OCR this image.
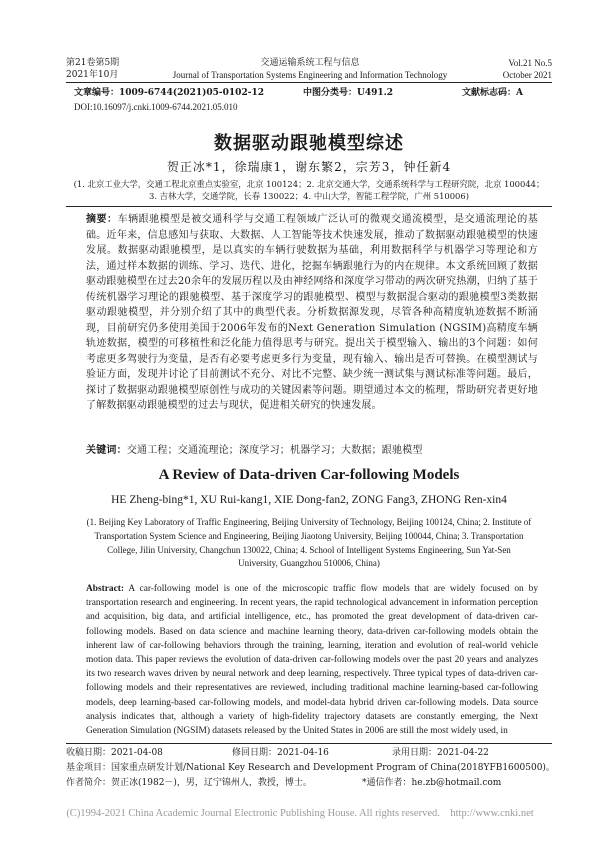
第21卷第5期
2021年10月
交通运输系统工程与信息
Journal of Transportation Systems Engineering and Information Technology
Vol.21 No.5
October 2021
文章编号：1009-6744(2021)05-0102-12	中图分类号：U491.2	文献标志码：A
DOI:10.16097/j.cnki.1009-6744.2021.05.010
数据驱动跟驰模型综述
贺正冰*1，徐瑞康1，谢东繁2，宗芳3，钟任新4
(1. 北京工业大学，交通工程北京重点实验室，北京 100124；2. 北京交通大学，交通系统科学与工程研究院，北京 100044；
3. 吉林大学，交通学院，长春 130022；4. 中山大学，智能工程学院，广州 510006)
摘要：车辆跟驰模型是被交通科学与交通工程领域广泛认可的微观交通流模型，是交通流理论的基础。近年来，信息感知与获取、大数据、人工智能等技术快速发展，推动了数据驱动跟驰模型的快速发展。数据驱动跟驰模型，是以真实的车辆行驶数据为基础，利用数据科学与机器学习等理论和方法，通过样本数据的训练、学习、迭代、进化，挖掘车辆跟驰行为的内在规律。本文系统回顾了数据驱动跟驰模型在过去20余年的发展历程以及由神经网络和深度学习带动的两次研究热潮，归纳了基于传统机器学习理论的跟驰模型、基于深度学习的跟驰模型、模型与数据混合驱动的跟驰模型3类数据驱动跟驰模型，并分别介绍了其中的典型代表。分析数据源发现，尽管各种高精度轨迹数据不断涌现，目前研究仍多使用美国于2006年发布的Next Generation Simulation (NGSIM)高精度车辆轨迹数据，模型的可移植性和泛化能力值得思考与研究。提出关于模型输入、输出的3个问题：如何考虑更多驾驶行为变量，是否有必要考虑更多行为变量，现有输入、输出是否可替换。在模型测试与验证方面，发现并讨论了目前测试不充分、对比不完整、缺少统一测试集与测试标准等问题。最后，探讨了数据驱动跟驰模型原创性与成功的关键因素等问题。期望通过本文的梳理，帮助研究者更好地了解数据驱动跟驰模型的过去与现状，促进相关研究的快速发展。
关键词：交通工程；交通流理论；深度学习；机器学习；大数据；跟驰模型
A Review of Data-driven Car-following Models
HE Zheng-bing*1, XU Rui-kang1, XIE Dong-fan2, ZONG Fang3, ZHONG Ren-xin4
(1. Beijing Key Laboratory of Traffic Engineering, Beijing University of Technology, Beijing 100124, China; 2. Institute of
Transportation System Science and Engineering, Beijing Jiaotong University, Beijing 100044, China; 3. Transportation
College, Jilin University, Changchun 130022, China; 4. School of Intelligent Systems Engineering, Sun Yat-Sen
University, Guangzhou 510006, China)
Abstract: A car-following model is one of the microscopic traffic flow models that are widely focused on by transportation research and engineering. In recent years, the rapid technological advancement in information perception and acquisition, big data, and artificial intelligence, etc., has promoted the great development of data-driven car-following models. Based on data science and machine learning theory, data-driven car-following models obtain the inherent law of car-following behaviors through the training, learning, iteration and evolution of real-world vehicle motion data. This paper reviews the evolution of data-driven car-following models over the past 20 years and analyzes its two research waves driven by neural network and deep learning, respectively. Three typical types of data-driven car-following models and their representatives are reviewed, including traditional machine learning-based car-following models, deep learning-based car-following models, and model-data hybrid driven car-following models. Data source analysis indicates that, although a variety of high-fidelity trajectory datasets are constantly emerging, the Next Generation Simulation (NGSIM) datasets released by the United States in 2006 are still the most widely used, in
收稿日期：2021-04-08	修回日期：2021-04-16	录用日期：2021-04-22
基金项目：国家重点研发计划/National Key Research and Development Program of China(2018YFB1600500)。
作者简介：贺正冰(1982－)，男，辽宁锦州人，教授，博士。	*通信作者：he.zb@hotmail.com
(C)1994-2021 China Academic Journal Electronic Publishing House. All rights reserved.    http://www.cnki.net
